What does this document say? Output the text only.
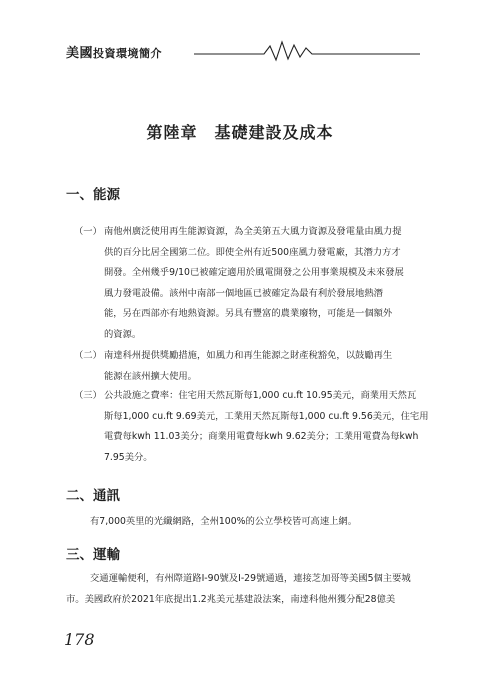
美國投資環境簡介
第陸章　基礎建設及成本
一、能源
（一） 南他州廣泛使用再生能源資源，為全美第五大風力資源及發電量由風力提
供的百分比居全國第二位。即使全州有近500座風力發電廠，其潛力方才
開發。全州幾乎9/10已被確定適用於風電開發之公用事業規模及未來發展
風力發電設備。該州中南部一個地區已被確定為最有利於發展地熱潛
能，另在西部亦有地熱資源。另具有豐富的農業廢物，可能是一個額外
的資源。
（二） 南達科州提供獎勵措施，如風力和再生能源之財產稅豁免，以鼓勵再生
能源在該州擴大使用。
（三） 公共設施之費率：住宅用天然瓦斯每1,000 cu.ft 10.95美元，商業用天然瓦
斯每1,000 cu.ft 9.69美元，工業用天然瓦斯每1,000 cu.ft 9.56美元，住宅用
電費每kwh 11.03美分；商業用電費每kwh 9.62美分；工業用電費為每kwh
7.95美分。
二、通訊
有7,000英里的光纖網路，全州100%的公立學校皆可高速上網。
三、運輸
交通運輸便利，有州際道路I-90號及I-29號通過，連接芝加哥等美國5個主要城
市。美國政府於2021年底提出1.2兆美元基建設法案，南達科他州獲分配28億美
178
